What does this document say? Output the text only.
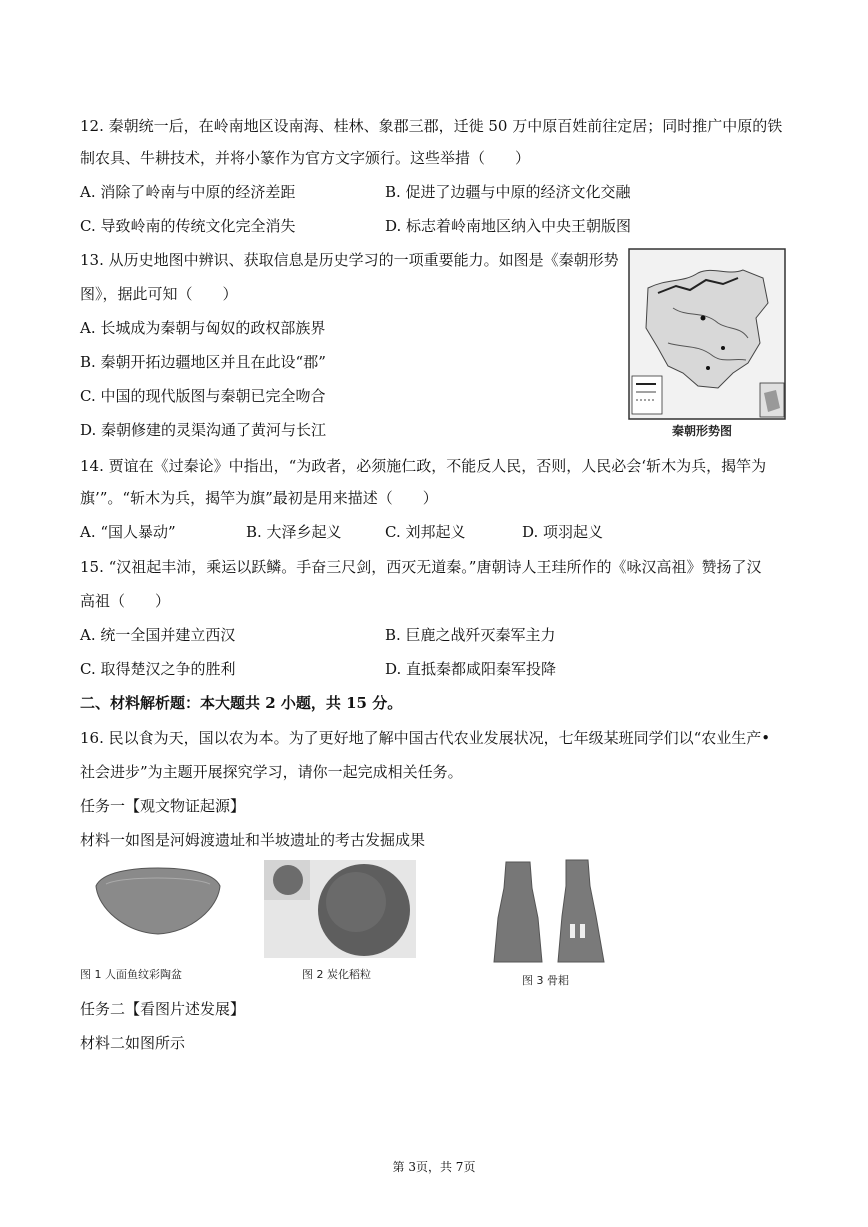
12. 秦朝统一后，在岭南地区设南海、桂林、象郡三郡，迁徙 50 万中原百姓前往定居；同时推广中原的铁
制农具、牛耕技术，并将小篆作为官方文字颁行。这些举措（　　）
A. 消除了岭南与中原的经济差距	B. 促进了边疆与中原的经济文化交融
C. 导致岭南的传统文化完全消失	D. 标志着岭南地区纳入中央王朝版图
13. 从历史地图中辨识、获取信息是历史学习的一项重要能力。如图是《秦朝形势
图》，据此可知（　　）
A. 长城成为秦朝与匈奴的政权部族界
B. 秦朝开拓边疆地区并且在此设“郡”
C. 中国的现代版图与秦朝已完全吻合
D. 秦朝修建的灵渠沟通了黄河与长江	秦朝形势图
14. 贾谊在《过秦论》中指出，“为政者，必须施仁政，不能反人民，否则，人民必会‘斩木为兵，揭竿为
旗’”。“斩木为兵，揭竿为旗”最初是用来描述（　　）
A. “国人暴动”	B. 大泽乡起义	C. 刘邦起义	D. 项羽起义
15. “汉祖起丰沛，乘运以跃鳞。手奋三尺剑，西灭无道秦。”唐朝诗人王珪所作的《咏汉高祖》赞扬了汉
高祖（　　）
A. 统一全国并建立西汉	B. 巨鹿之战歼灭秦军主力
C. 取得楚汉之争的胜利	D. 直抵秦都咸阳秦军投降
二、材料解析题：本大题共 2 小题，共 15 分。
16. 民以食为天，国以农为本。为了更好地了解中国古代农业发展状况，七年级某班同学们以“农业生产•
社会进步”为主题开展探究学习，请你一起完成相关任务。
任务一【观文物证起源】
材料一如图是河姆渡遗址和半坡遗址的考古发掘成果
图 1 人面鱼纹彩陶盆	图 2 炭化稻粒	图 3 骨耜
任务二【看图片述发展】
材料二如图所示
第 3页，共 7页
